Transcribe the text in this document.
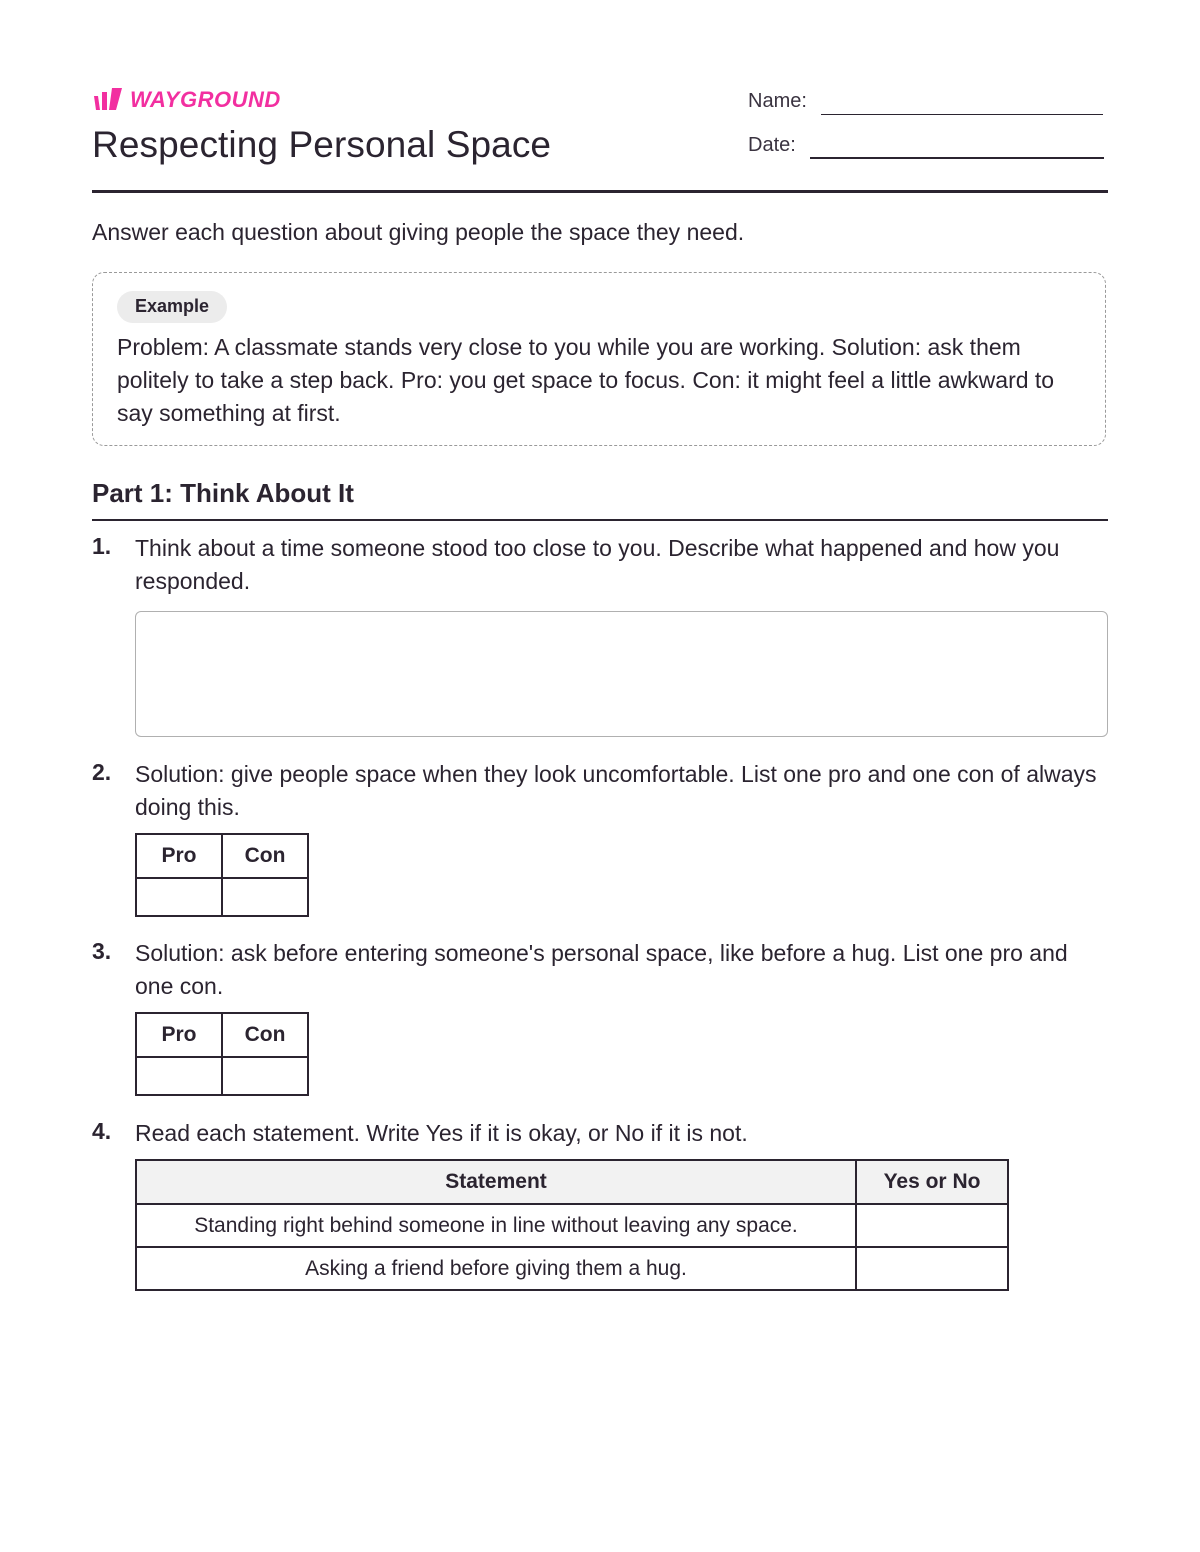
WAYGROUND
Respecting Personal Space
Name:
Date:
Answer each question about giving people the space they need.
Example
Problem: A classmate stands very close to you while you are working. Solution: ask them politely to take a step back. Pro: you get space to focus. Con: it might feel a little awkward to say something at first.
Part 1: Think About It
1. Think about a time someone stood too close to you. Describe what happened and how you responded.
2. Solution: give people space when they look uncomfortable. List one pro and one con of always doing this.
Pro	Con

3. Solution: ask before entering someone's personal space, like before a hug. List one pro and one con.
Pro	Con

4. Read each statement. Write Yes if it is okay, or No if it is not.
Statement	Yes or No
Standing right behind someone in line without leaving any space.	
Asking a friend before giving them a hug.	
